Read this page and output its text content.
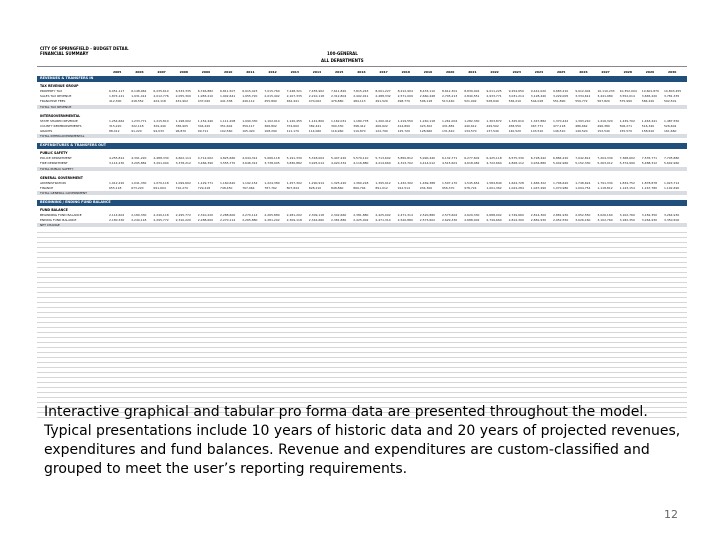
CITY OF SPRINGFIELD - BUDGET DETAIL
FINANCIAL SUMMARY	100-GENERAL
ALL DEPARTMENTS
2005	2006	2007	2008	2009	2010	2011	2012	2013	2014	2015	2016	2017	2018	2019	2020	2021	2022	2023	2024	2025	2026	2027	2028	2029	2030
REVENUES & TRANSFERS IN
TAX REVENUE GROUP
PROPERTY TAX	6,051,117 6,148,962 6,235,610 6,533,335 6,746,882 6,811,507 6,915,423 7,015,760 7,248,321 7,455,902 7,611,820 7,815,243 8,001,227 8,212,904 8,433,110 8,612,301 8,839,402 9,011,225 9,254,650 9,441,020 9,683,210 9,912,004 10,110,233 10,352,004 10,601,870 10,803,455
SALES TAX REVENUE	1,874,121 1,931,412 2,012,776 2,055,300 1,983,210 1,902,641 1,955,720 2,015,402 2,107,335 2,210,118 2,312,804 2,402,911 2,488,332 2,571,009 2,660,448 2,745,213 2,840,551 2,933,771 3,031,214 3,128,440 3,229,005 3,334,612 3,441,980 3,552,014 3,665,220 3,781,335
FRANCHISE FEES	412,300	418,552	424,118	431,902	437,020	441,338	449,112	455,890	462,441	470,002	476,880	484,113	491,520	498,770	506,118	513,440	521,002	528,640	536,210	544,018	551,890	559,772	567,820	575,990	584,220	592,501
TOTAL TAX REVENUE
INTERGOVERNMENTAL
STATE SHARED REVENUE	1,254,662 1,233,771 1,215,810 1,198,002 1,152,440 1,111,208 1,090,330 1,102,914 1,120,455 1,141,800 1,162,031 1,180,778 1,200,412 1,219,550 1,240,118 1,261,004 1,282,330 1,303,872 1,325,610 1,347,882 1,370,442 1,393,210 1,416,320 1,439,702 1,463,441 1,487,550
COUNTY REIMBURSEMENTS	315,220	322,118	329,440	336,905	344,220	351,602	359,117	366,802	374,600	382,441	390,330	398,412	406,622	414,890	423,302	431,881	440,612	449,502	458,550	467,771	477,118	486,662	496,380	506,271	516,340	526,602
GRANTS	88,412	91,220	94,033	96,870	99,711	102,560	105,420	108,290	111,170	114,060	116,960	119,870	122,790	125,720	128,660	131,610	134,570	137,540	140,520	143,510	146,510	149,520	152,540	155,570	158,610	161,660
TOTAL INTERGOVERNMENTAL
EXPENDITURES & TRANSFERS OUT
PUBLIC SAFETY
POLICE DEPARTMENT	4,255,812 4,391,220 4,488,330 4,602,114 4,712,002 4,825,660 4,944,312 5,066,118 5,191,330 5,318,004 5,447,220 5,579,110 5,713,602 5,850,812 5,990,440 6,132,771 6,277,602 6,425,118 6,575,330 6,728,442 6,884,220 7,042,812 7,204,330 7,368,602 7,535,771 7,705,880
FIRE DEPARTMENT	3,114,230 3,205,882 3,291,004 3,378,212 3,466,390 3,555,770 3,646,312 3,738,005 3,830,882 3,925,014 4,020,332 4,116,880 4,214,660 4,313,702 4,414,012 4,515,601 4,618,482 4,722,660 4,828,112 4,934,880 5,042,960 5,152,330 5,263,012 5,374,990 5,488,312 5,602,960
TOTAL PUBLIC SAFETY
GENERAL GOVERNMENT
ADMINISTRATION	1,012,220 1,041,330 1,070,118 1,099,602 1,129,771 1,160,620 1,192,154 1,224,380 1,257,302 1,290,914 1,325,220 1,360,218 1,395,912 1,432,302 1,469,388 1,507,170 1,545,654 1,584,840 1,624,728 1,665,322 1,706,620 1,748,624 1,791,334 1,834,752 1,878,878 1,923,712
FINANCE	655,118	673,220	691,604	710,270	729,218	748,450	767,964	787,762	807,844	828,210	848,860	869,794	891,012	912,514	934,300	956,370	978,724	1,001,362 1,024,284 1,047,490 1,070,980 1,094,754 1,118,812 1,143,154 1,167,780 1,192,690
TOTAL GENERAL GOVERNMENT
BEGINNING / ENDING FUND BALANCE
FUND BALANCE
BEGINNING FUND BALANCE	2,114,602 2,180,330 2,240,118 2,295,772 2,310,220 2,288,600 2,270,114 2,265,880 2,281,202 2,309,118 2,342,660 2,381,880 2,425,002 2,471,314 2,520,880 2,573,602 2,629,330 2,688,002 2,749,660 2,814,300 2,881,930 2,952,550 3,026,160 3,102,760 3,182,350 3,264,930
ENDING FUND BALANCE	2,180,330 2,240,118 2,295,772 2,310,220 2,288,600 2,270,114 2,265,880 2,281,202 2,309,118 2,342,660 2,381,880 2,425,002 2,471,314 2,520,880 2,573,602 2,629,330 2,688,002 2,749,660 2,814,300 2,881,930 2,952,550 3,026,160 3,102,760 3,182,350 3,264,930 3,350,500
NET CHANGE
Interactive graphical and tabular pro forma data are presented throughout the model. Typical presentations include 10 years of historic data and 20 years of projected revenues, expenditures and fund balances. Revenue and expenditures are custom-classified and grouped to meet the user’s reporting requirements.
12
